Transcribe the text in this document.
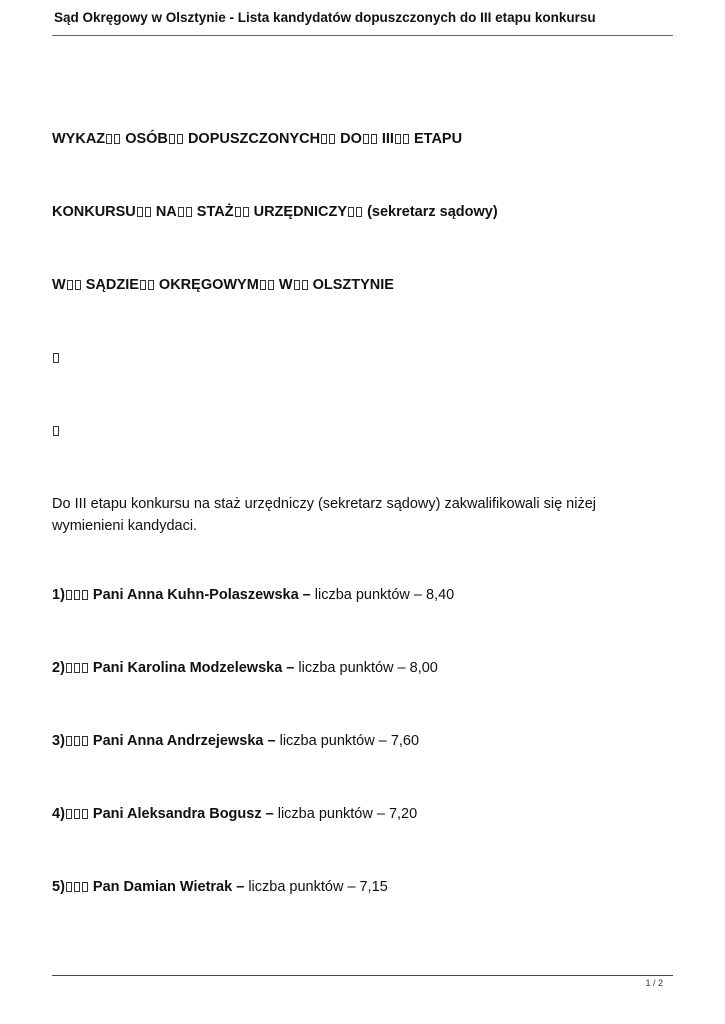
Sąd Okręgowy w Olsztynie - Lista kandydatów dopuszczonych do III etapu konkursu
WYKAZ OSÓB DOPUSZCZONYCH DO III ETAPU
KONKURSU NA STAŻ URZĘDNICZY (sekretarz sądowy)
W SĄDZIE OKRĘGOWYM W OLSZTYNIE
Do III etapu konkursu na staż urzędniczy (sekretarz sądowy) zakwalifikowali się niżej wymienieni kandydaci.
1) Pani Anna Kuhn-Polaszewska – liczba punktów – 8,40
2) Pani Karolina Modzelewska – liczba punktów – 8,00
3) Pani Anna Andrzejewska – liczba punktów – 7,60
4) Pani Aleksandra Bogusz – liczba punktów – 7,20
5) Pan Damian Wietrak – liczba punktów – 7,15
1 / 2
